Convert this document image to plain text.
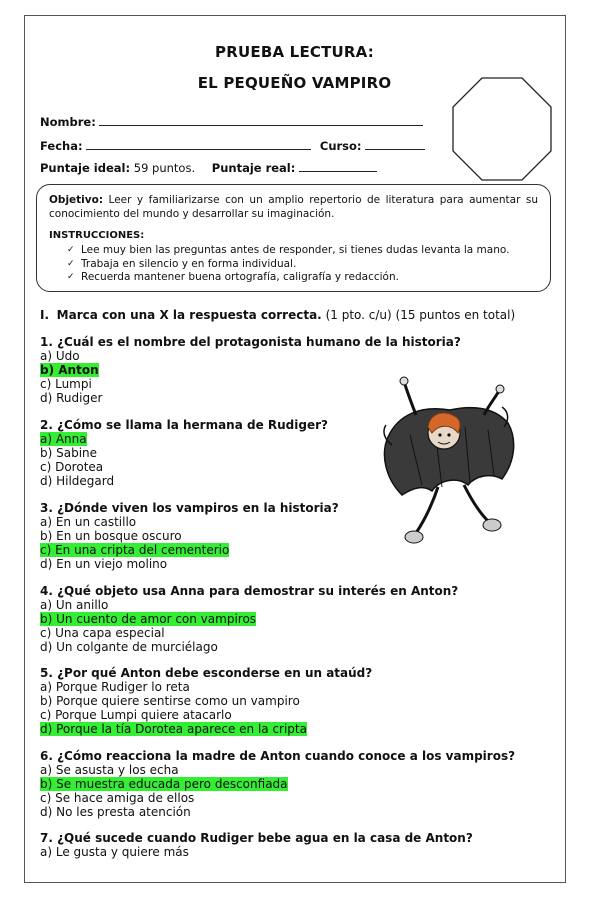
PRUEBA LECTURA:
EL PEQUEÑO VAMPIRO
Nombre:
Fecha:	Curso:
Puntaje ideal: 59 puntos. Puntaje real:
Objetivo: Leer y familiarizarse con un amplio repertorio de literatura para aumentar su conocimiento del mundo y desarrollar su imaginación.
INSTRUCCIONES:
✓ Lee muy bien las preguntas antes de responder, si tienes dudas levanta la mano.
✓ Trabaja en silencio y en forma individual.
✓ Recuerda mantener buena ortografía, caligrafía y redacción.
I. Marca con una X la respuesta correcta. (1 pto. c/u) (15 puntos en total)
1. ¿Cuál es el nombre del protagonista humano de la historia?
a) Udo
b) Anton
c) Lumpi
d) Rudiger
2. ¿Cómo se llama la hermana de Rudiger?
a) Anna
b) Sabine
c) Dorotea
d) Hildegard
3. ¿Dónde viven los vampiros en la historia?
a) En un castillo
b) En un bosque oscuro
c) En una cripta del cementerio
d) En un viejo molino
4. ¿Qué objeto usa Anna para demostrar su interés en Anton?
a) Un anillo
b) Un cuento de amor con vampiros
c) Una capa especial
d) Un colgante de murciélago
5. ¿Por qué Anton debe esconderse en un ataúd?
a) Porque Rudiger lo reta
b) Porque quiere sentirse como un vampiro
c) Porque Lumpi quiere atacarlo
d) Porque la tía Dorotea aparece en la cripta
6. ¿Cómo reacciona la madre de Anton cuando conoce a los vampiros?
a) Se asusta y los echa
b) Se muestra educada pero desconfiada
c) Se hace amiga de ellos
d) No les presta atención
7. ¿Qué sucede cuando Rudiger bebe agua en la casa de Anton?
a) Le gusta y quiere más
